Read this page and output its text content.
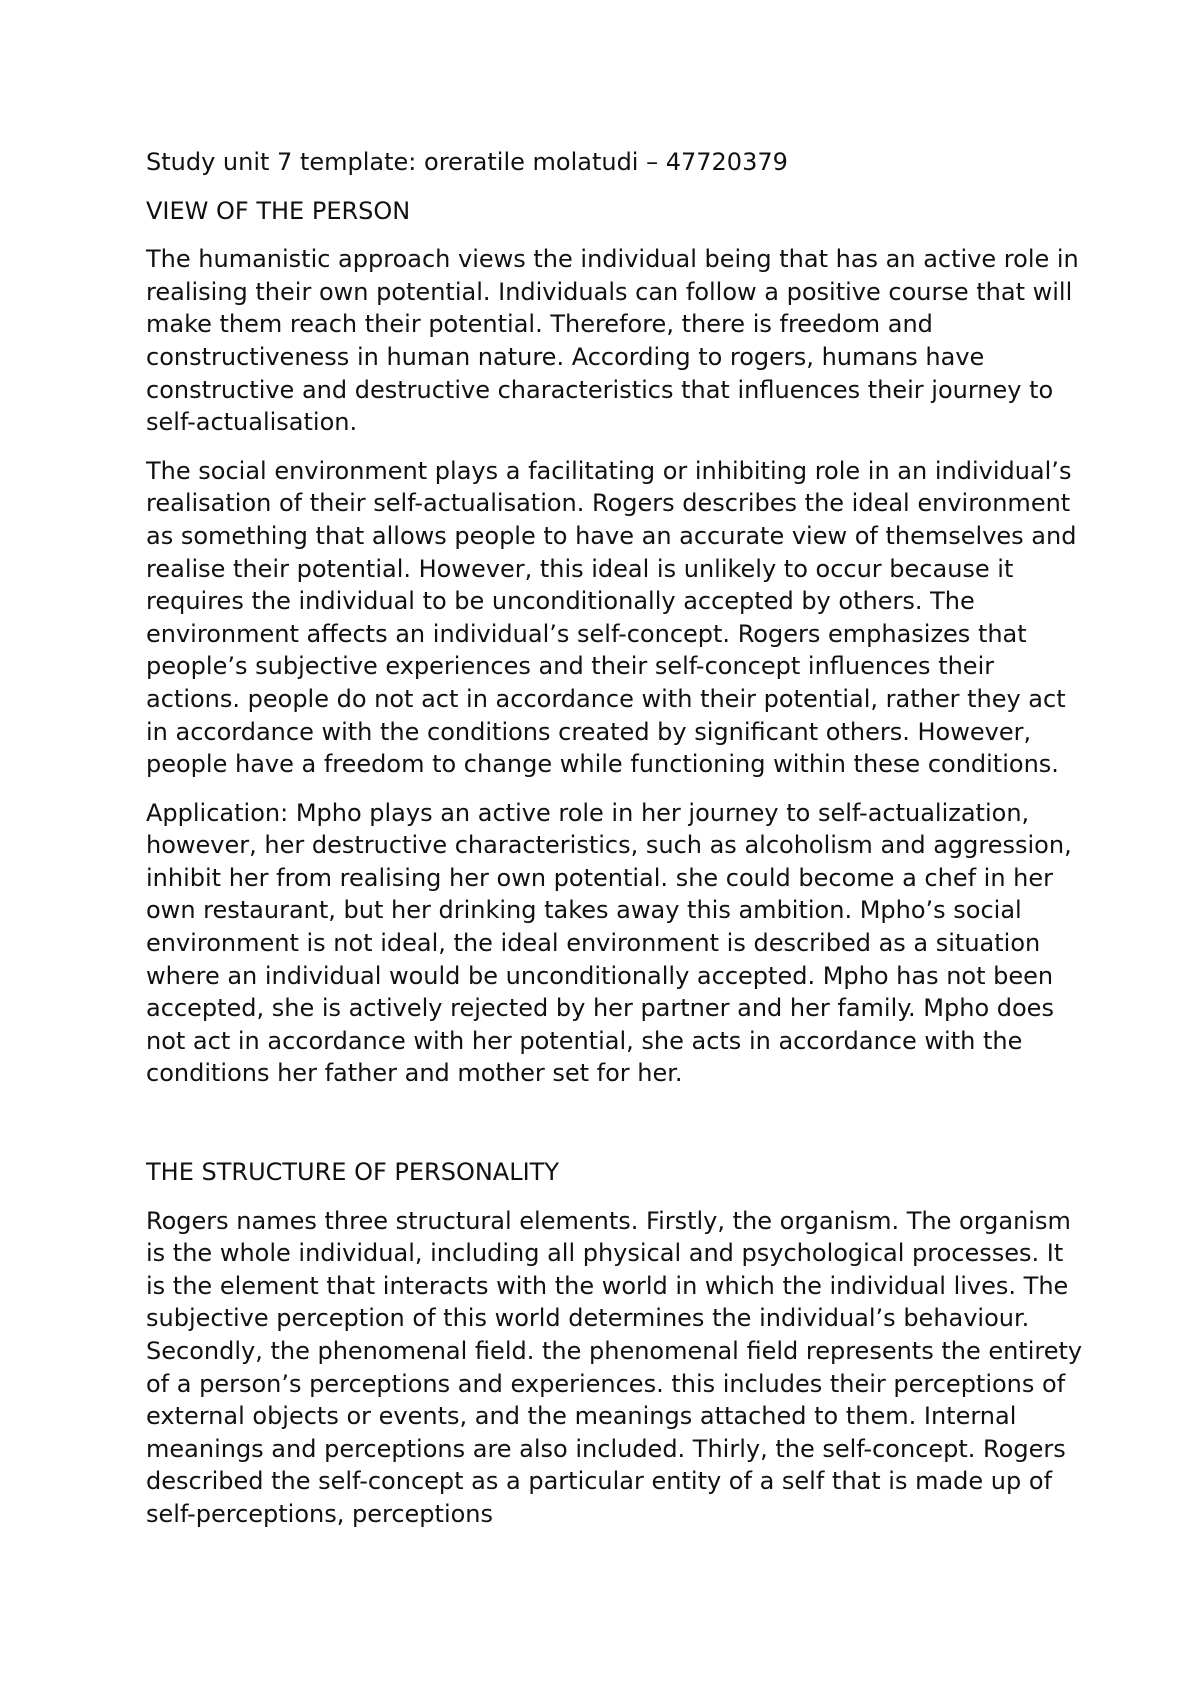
Study unit 7 template: oreratile molatudi – 47720379

VIEW OF THE PERSON

The humanistic approach views the individual being that has an active role in realising their own potential. Individuals can follow a positive course that will make them reach their potential. Therefore, there is freedom and constructiveness in human nature. According to rogers, humans have constructive and destructive characteristics that influences their journey to self-actualisation.

The social environment plays a facilitating or inhibiting role in an individual’s realisation of their self-actualisation. Rogers describes the ideal environment as something that allows people to have an accurate view of themselves and realise their potential. However, this ideal is unlikely to occur because it requires the individual to be unconditionally accepted by others. The environment affects an individual’s self-concept. Rogers emphasizes that people’s subjective experiences and their self-concept influences their actions. people do not act in accordance with their potential, rather they act in accordance with the conditions created by significant others. However, people have a freedom to change while functioning within these conditions.

Application: Mpho plays an active role in her journey to self-actualization, however, her destructive characteristics, such as alcoholism and aggression, inhibit her from realising her own potential. she could become a chef in her own restaurant, but her drinking takes away this ambition. Mpho’s social environment is not ideal, the ideal environment is described as a situation where an individual would be unconditionally accepted. Mpho has not been accepted, she is actively rejected by her partner and her family. Mpho does not act in accordance with her potential, she acts in accordance with the conditions her father and mother set for her.

THE STRUCTURE OF PERSONALITY

Rogers names three structural elements. Firstly, the organism. The organism is the whole individual, including all physical and psychological processes. It is the element that interacts with the world in which the individual lives. The subjective perception of this world determines the individual’s behaviour. Secondly, the phenomenal field. the phenomenal field represents the entirety of a person’s perceptions and experiences. this includes their perceptions of external objects or events, and the meanings attached to them. Internal meanings and perceptions are also included. Thirly, the self-concept. Rogers described the self-concept as a particular entity of a self that is made up of self-perceptions, perceptions
